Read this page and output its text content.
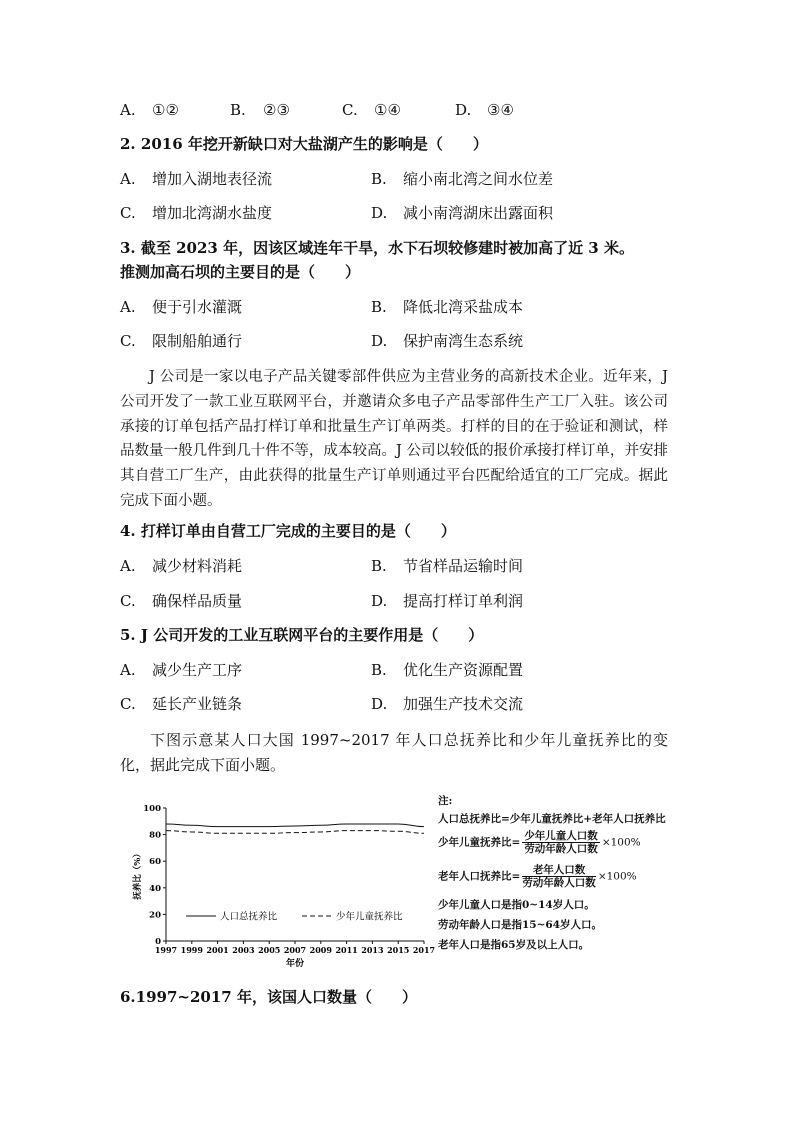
A. ①②	B. ②③	C. ①④	D. ③④
2. 2016 年挖开新缺口对大盐湖产生的影响是（　　）
A. 增加入湖地表径流	B. 缩小南北湾之间水位差
C. 增加北湾湖水盐度	D. 减小南湾湖床出露面积
3. 截至 2023 年，因该区域连年干旱，水下石坝较修建时被加高了近 3 米。
推测加高石坝的主要目的是（　　）
A. 便于引水灌溉	B. 降低北湾采盐成本
C. 限制船舶通行	D. 保护南湾生态系统

J 公司是一家以电子产品关键零部件供应为主营业务的高新技术企业。近年来，J 公司开发了一款工业互联网平台，并邀请众多电子产品零部件生产工厂入驻。该公司承接的订单包括产品打样订单和批量生产订单两类。打样的目的在于验证和测试，样品数量一般几件到几十件不等，成本较高。J 公司以较低的报价承接打样订单，并安排其自营工厂生产，由此获得的批量生产订单则通过平台匹配给适宜的工厂完成。据此完成下面小题。

4. 打样订单由自营工厂完成的主要目的是（　　）
A. 减少材料消耗	B. 节省样品运输时间
C. 确保样品质量	D. 提高打样订单利润
5. J 公司开发的工业互联网平台的主要作用是（　　）
A. 减少生产工序	B. 优化生产资源配置
C. 延长产业链条	D. 加强生产技术交流

下图示意某人口大国 1997~2017 年人口总抚养比和少年儿童抚养比的变化，据此完成下面小题。

0
20
40
60
80
100
1997 1999 2001 2003 2005 2007 2009 2011 2013 2015 2017
抚养比（%）
年份
人口总抚养比	少年儿童抚养比
注:
人口总抚养比=少年儿童抚养比+老年人口抚养比
少年儿童抚养比= $\frac{\text{少年儿童人口数}}{\text{劳动年龄人口数}} \times 100\%$
老年人口抚养比= $\frac{\text{老年人口数}}{\text{劳动年龄人口数}} \times 100\%$
少年儿童人口是指0~14岁人口。
劳动年龄人口是指15~64岁人口。
老年人口是指65岁及以上人口。
6.1997~2017 年，该国人口数量（　　）
